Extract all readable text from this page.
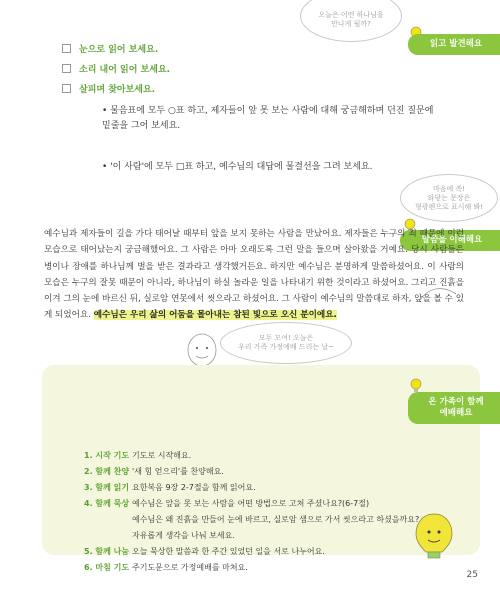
오늘은 어떤 하나님을
만나게 될까?
읽고 발견해요
눈으로 읽어 보세요.
소리 내어 읽어 보세요.
살피며 찾아보세요.
• 물음표에 모두 ○표 하고, 제자들이 앞 못 보는 사람에 대해 궁금해하며 던진 질문에
밑줄을 그어 보세요.
• '이 사람'에 모두 □표 하고, 예수님의 대답에 물결선을 그려 보세요.
마음에 쏙!
와닿는 문장은
형광펜으로 표시해 봐!
말씀을 이해해요
예수님과 제자들이 길을 가다 태어날 때부터 앞을 보지 못하는 사람을 만났어요. 제자들은 누구의 죄 때문에 이런 모습으로 태어났는지 궁금해했어요. 그 사람은 아마 오래도록 그런 말을 들으며 살아왔을 거예요. 당시 사람들은 병이나 장애를 하나님께 벌을 받은 결과라고 생각했거든요. 하지만 예수님은 분명하게 말씀하셨어요. 이 사람의 모습은 누구의 잘못 때문이 아니라, 하나님이 하실 놀라운 일을 나타내기 위한 것이라고 하셨어요. 그리고 진흙을 이겨 그의 눈에 바르신 뒤, 실로암 연못에서 씻으라고 하셨어요. 그 사람이 예수님의 말씀대로 하자, 앞을 볼 수 있게 되었어요. 예수님은 우리 삶의 어둠을 몰아내는 참된 빛으로 오신 분이에요.
모두 모여! 오늘은
우리 가족 가정예배 드리는 날~
온 가족이 함께
예배해요
1. 시작 기도 기도로 시작해요.
2. 함께 찬양 '새 힘 얻으리'를 찬양해요.
3. 함께 읽기 요한복음 9장 2-7절을 함께 읽어요.
4. 함께 묵상 예수님은 앞을 못 보는 사람을 어떤 방법으로 고쳐 주셨나요?(6-7절)
예수님은 왜 진흙을 만들어 눈에 바르고, 실로암 샘으로 가서 씻으라고 하셨을까요?
자유롭게 생각을 나눠 보세요.
5. 함께 나눔 오늘 묵상한 말씀과 한 주간 있었던 일을 서로 나누어요.
6. 마침 기도 주기도문으로 가정예배를 마쳐요.
25
